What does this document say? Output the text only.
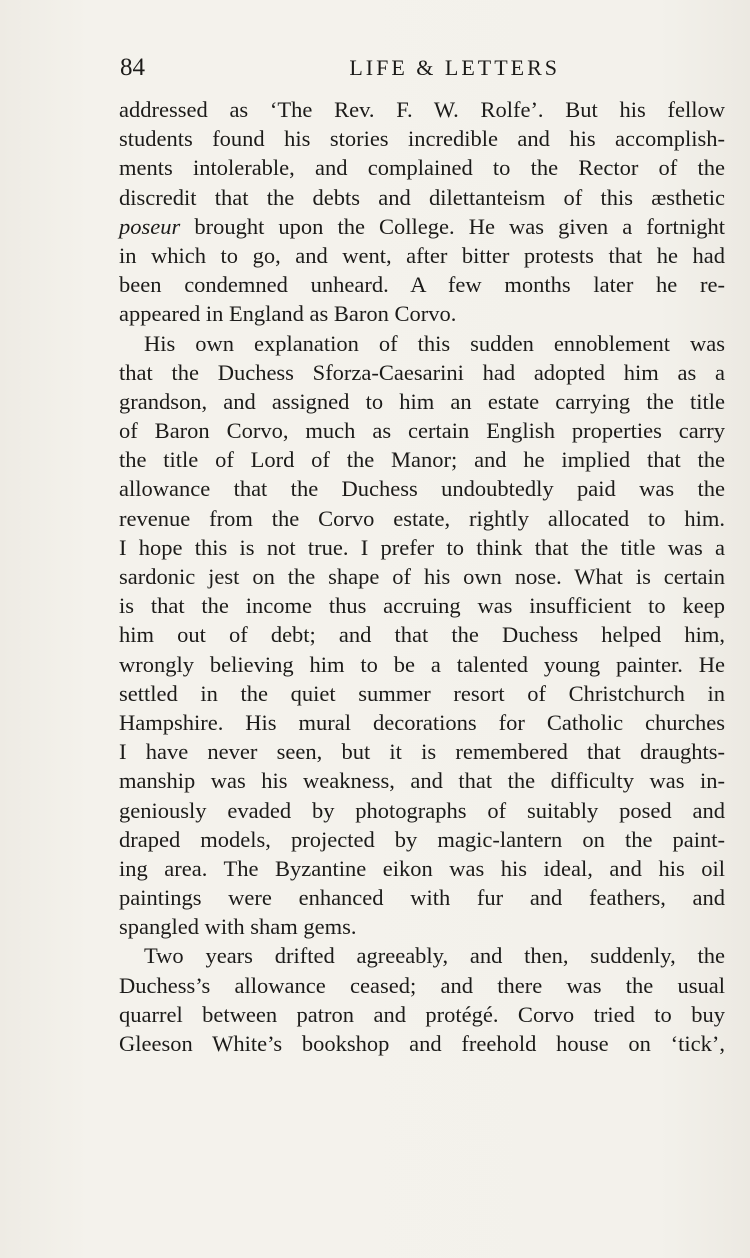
84	LIFE & LETTERS
addressed as ‘The Rev. F. W. Rolfe’. But his fellow
students found his stories incredible and his accomplish-
ments intolerable, and complained to the Rector of the
discredit that the debts and dilettanteism of this æsthetic
poseur brought upon the College. He was given a fortnight
in which to go, and went, after bitter protests that he had
been condemned unheard. A few months later he re-
appeared in England as Baron Corvo.
His own explanation of this sudden ennoblement was
that the Duchess Sforza-Caesarini had adopted him as a
grandson, and assigned to him an estate carrying the title
of Baron Corvo, much as certain English properties carry
the title of Lord of the Manor; and he implied that the
allowance that the Duchess undoubtedly paid was the
revenue from the Corvo estate, rightly allocated to him.
I hope this is not true. I prefer to think that the title was a
sardonic jest on the shape of his own nose. What is certain
is that the income thus accruing was insufficient to keep
him out of debt; and that the Duchess helped him,
wrongly believing him to be a talented young painter. He
settled in the quiet summer resort of Christchurch in
Hampshire. His mural decorations for Catholic churches
I have never seen, but it is remembered that draughts-
manship was his weakness, and that the difficulty was in-
geniously evaded by photographs of suitably posed and
draped models, projected by magic-lantern on the paint-
ing area. The Byzantine eikon was his ideal, and his oil
paintings were enhanced with fur and feathers, and
spangled with sham gems.
Two years drifted agreeably, and then, suddenly, the
Duchess’s allowance ceased; and there was the usual
quarrel between patron and protégé. Corvo tried to buy
Gleeson White’s bookshop and freehold house on ‘tick’,
